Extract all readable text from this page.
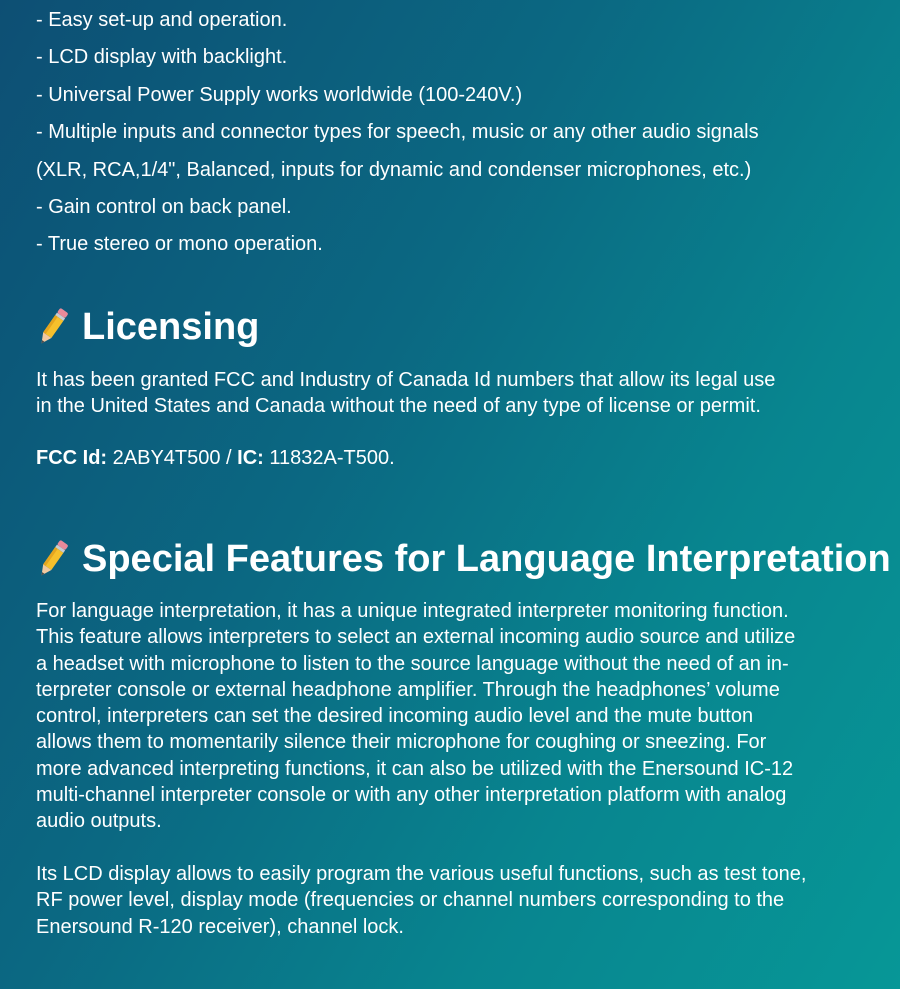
- Easy set-up and operation.
- LCD display with backlight.
- Universal Power Supply works worldwide (100-240V.)
- Multiple inputs and connector types for speech, music or any other audio signals
(XLR, RCA,1/4", Balanced, inputs for dynamic and condenser microphones, etc.)
- Gain control on back panel.
- True stereo or mono operation.
Licensing

It has been granted FCC and Industry of Canada Id numbers that allow its legal use
in the United States and Canada without the need of any type of license or permit.

FCC Id: 2ABY4T500 / IC: 11832A-T500.

Special Features for Language Interpretation

For language interpretation, it has a unique integrated interpreter monitoring function.
This feature allows interpreters to select an external incoming audio source and utilize
a headset with microphone to listen to the source language without the need of an in-
terpreter console or external headphone amplifier. Through the headphones’ volume
control, interpreters can set the desired incoming audio level and the mute button
allows them to momentarily silence their microphone for coughing or sneezing. For
more advanced interpreting functions, it can also be utilized with the Enersound IC-12
multi-channel interpreter console or with any other interpretation platform with analog
audio outputs.

Its LCD display allows to easily program the various useful functions, such as test tone,
RF power level, display mode (frequencies or channel numbers corresponding to the
Enersound R-120 receiver), channel lock.
